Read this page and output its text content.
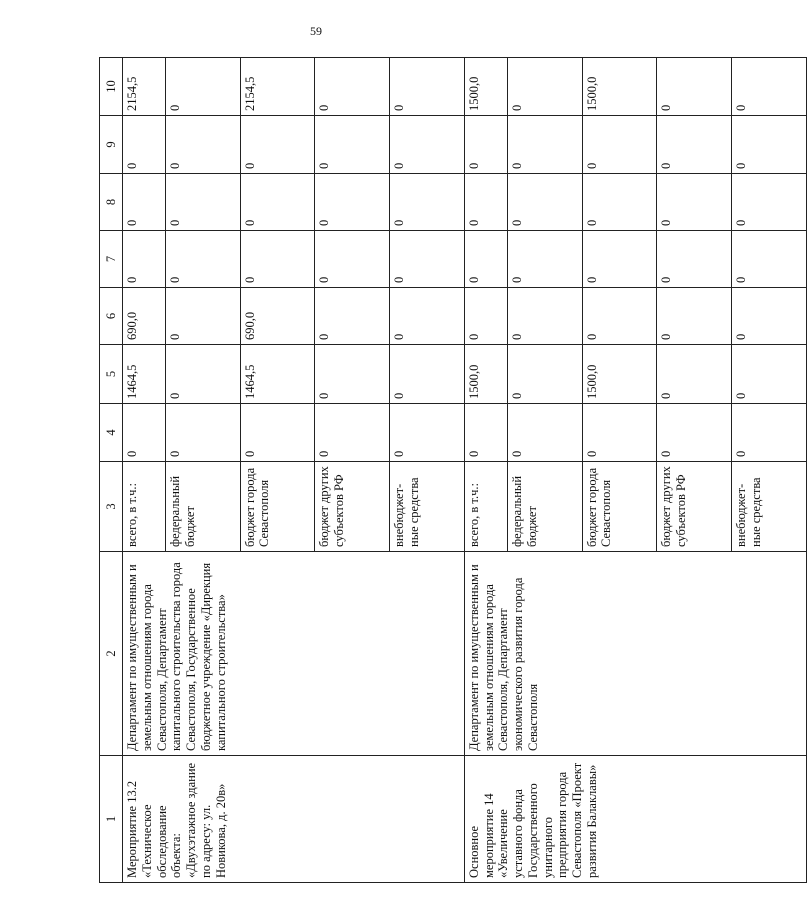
59
1	2	3	4	5	6	7	8	9	10
Мероприятие 13.2 «Техническое обследование объекта: «Двухэтажное здание по адресу: ул. Новикова, д. 20в»	Департамент по имущественным и земельным отношениям города Севастополя, Департамент капитального строительства города Севастополя, Государственное бюджетное учреждение «Дирекция капитального строительства»	всего, в т.ч.:	0	1464,5	690,0	0	0	0	2154,5
		федеральный бюджет	0	0	0	0	0	0	0
		бюджет города Севастополя	0	1464,5	690,0	0	0	0	2154,5
		бюджет других субъектов РФ	0	0	0	0	0	0	0
		внебюджет-ные средства	0	0	0	0	0	0	0
Основное мероприятие 14 «Увеличение уставного фонда Государственного унитарного предприятия города Севастополя «Проект развития Балаклавы»	Департамент по имущественным и земельным отношениям города Севастополя, Департамент экономического развития города Севастополя	всего, в т.ч.:	0	1500,0	0	0	0	0	1500,0
		федеральный бюджет	0	0	0	0	0	0	0
		бюджет города Севастополя	0	1500,0	0	0	0	0	1500,0
		бюджет других субъектов РФ	0	0	0	0	0	0	0
		внебюджет-ные средства	0	0	0	0	0	0	0
